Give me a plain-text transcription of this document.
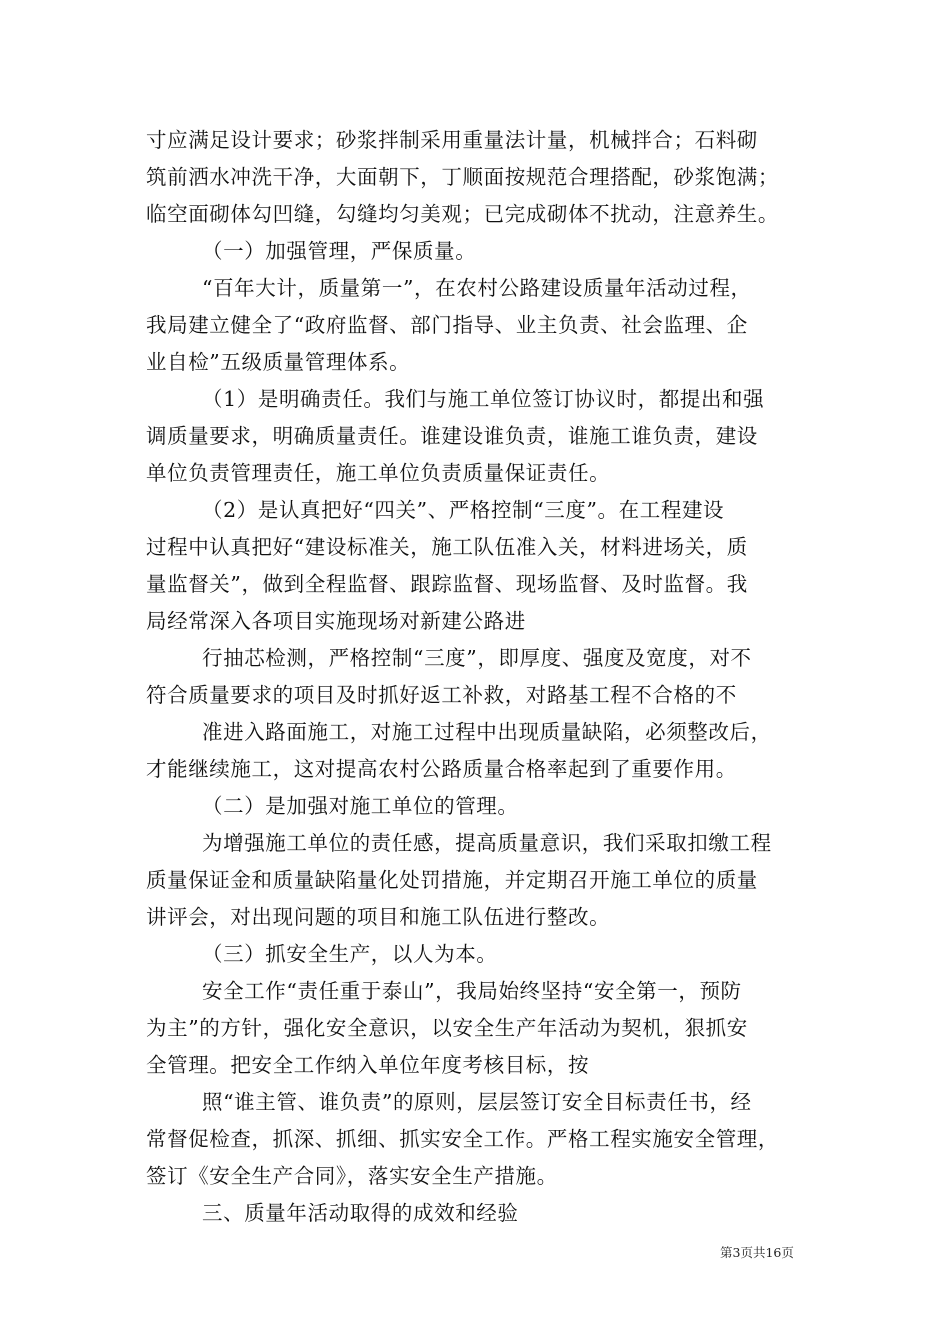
寸应满足设计要求；砂浆拌制采用重量法计量，机械拌合；石料砌
筑前洒水冲洗干净，大面朝下，丁顺面按规范合理搭配，砂浆饱满；
临空面砌体勾凹缝，勾缝均匀美观；已完成砌体不扰动，注意养生。
（一）加强管理，严保质量。
“百年大计，质量第一”，在农村公路建设质量年活动过程，
我局建立健全了“政府监督、部门指导、业主负责、社会监理、企
业自检”五级质量管理体系。
（1）是明确责任。我们与施工单位签订协议时，都提出和强
调质量要求，明确质量责任。谁建设谁负责，谁施工谁负责，建设
单位负责管理责任，施工单位负责质量保证责任。
（2）是认真把好“四关”、严格控制“三度”。在工程建设
过程中认真把好“建设标准关，施工队伍准入关，材料进场关，质
量监督关”，做到全程监督、跟踪监督、现场监督、及时监督。我
局经常深入各项目实施现场对新建公路进
行抽芯检测，严格控制“三度”，即厚度、强度及宽度，对不
符合质量要求的项目及时抓好返工补救，对路基工程不合格的不
准进入路面施工，对施工过程中出现质量缺陷，必须整改后，
才能继续施工，这对提高农村公路质量合格率起到了重要作用。
（二）是加强对施工单位的管理。
为增强施工单位的责任感，提高质量意识，我们采取扣缴工程
质量保证金和质量缺陷量化处罚措施，并定期召开施工单位的质量
讲评会，对出现问题的项目和施工队伍进行整改。
（三）抓安全生产，以人为本。
安全工作“责任重于泰山”，我局始终坚持“安全第一，预防
为主”的方针，强化安全意识，以安全生产年活动为契机，狠抓安
全管理。把安全工作纳入单位年度考核目标，按
照“谁主管、谁负责”的原则，层层签订安全目标责任书，经
常督促检查，抓深、抓细、抓实安全工作。严格工程实施安全管理，
签订《安全生产合同》，落实安全生产措施。
三、质量年活动取得的成效和经验
第3页共16页
